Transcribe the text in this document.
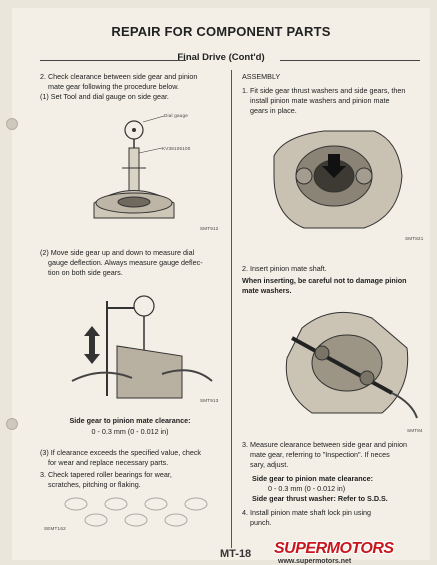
REPAIR FOR COMPONENT PARTS
Final Drive (Cont'd)
2. Check clearance between side gear and pinion
mate gear following the procedure below.
(1) Set Tool and dial gauge on side gear.
Dial gauge
KV38106100
SMT912
(2) Move side gear up and down to measure dial
gauge deflection. Always measure gauge deflec-
tion on both side gears.
SMT913
Side gear to pinion mate clearance:
0 - 0.3 mm (0 - 0.012 in)
(3) If clearance exceeds the specified value, check
for wear and replace necessary parts.
3. Check tapered roller bearings for wear,
scratches, pitching or flaking.
SEMT162
ASSEMBLY
1. Fit side gear thrust washers and side gears, then
install pinion mate washers and pinion mate
gears in place.
SMT821
2. Insert pinion mate shaft.
When inserting, be careful not to damage pinion
mate washers.
SMT84
3. Measure clearance between side gear and pinion
mate gear, referring to "Inspection". If neces
sary, adjust.
Side gear to pinion mate clearance:
0 - 0.3 mm (0 - 0.012 in)
Side gear thrust washer: Refer to S.D.S.
4. Install pinion mate shaft lock pin using
punch.
MT-18 SUPERMOTORS
www.supermotors.net
